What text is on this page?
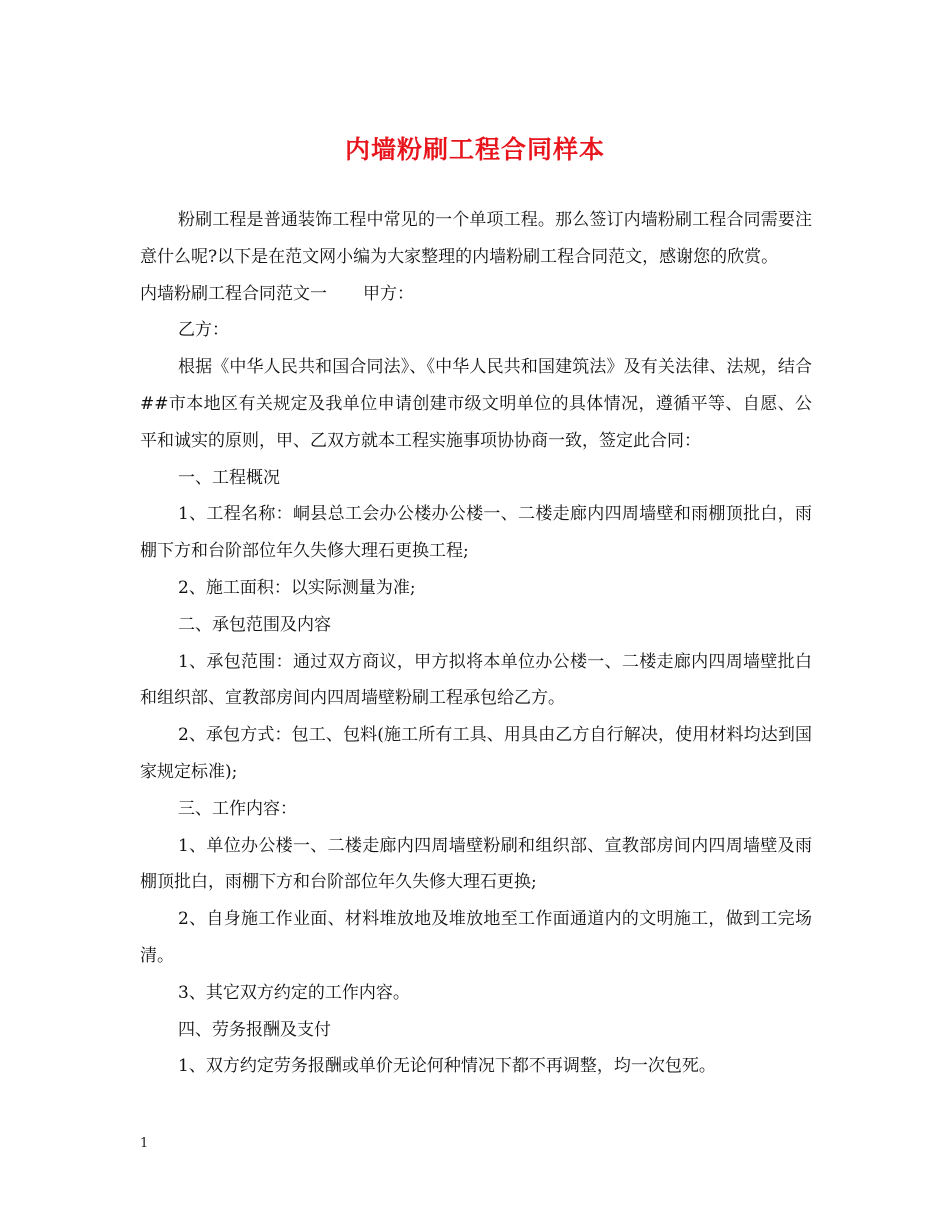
内墙粉刷工程合同样本

粉刷工程是普通装饰工程中常见的一个单项工程。那么签订内墙粉刷工程合同需要注意什么呢?以下是在范文网小编为大家整理的内墙粉刷工程合同范文，感谢您的欣赏。

内墙粉刷工程合同范文一 甲方：

乙方：

根据《中华人民共和国合同法》、《中华人民共和国建筑法》及有关法律、法规，结合##市本地区有关规定及我单位申请创建市级文明单位的具体情况，遵循平等、自愿、公平和诚实的原则，甲、乙双方就本工程实施事项协协商一致，签定此合同：

一、工程概况

1、工程名称：峒县总工会办公楼办公楼一、二楼走廊内四周墙壁和雨棚顶批白，雨棚下方和台阶部位年久失修大理石更换工程;

2、施工面积：以实际测量为准;

二、承包范围及内容

1、承包范围：通过双方商议，甲方拟将本单位办公楼一、二楼走廊内四周墙壁批白和组织部、宣教部房间内四周墙壁粉刷工程承包给乙方。

2、承包方式：包工、包料(施工所有工具、用具由乙方自行解决，使用材料均达到国家规定标准);

三、工作内容：

1、单位办公楼一、二楼走廊内四周墙壁粉刷和组织部、宣教部房间内四周墙壁及雨棚顶批白，雨棚下方和台阶部位年久失修大理石更换;

2、自身施工作业面、材料堆放地及堆放地至工作面通道内的文明施工，做到工完场清。

3、其它双方约定的工作内容。

四、劳务报酬及支付

1、双方约定劳务报酬或单价无论何种情况下都不再调整，均一次包死。

1
